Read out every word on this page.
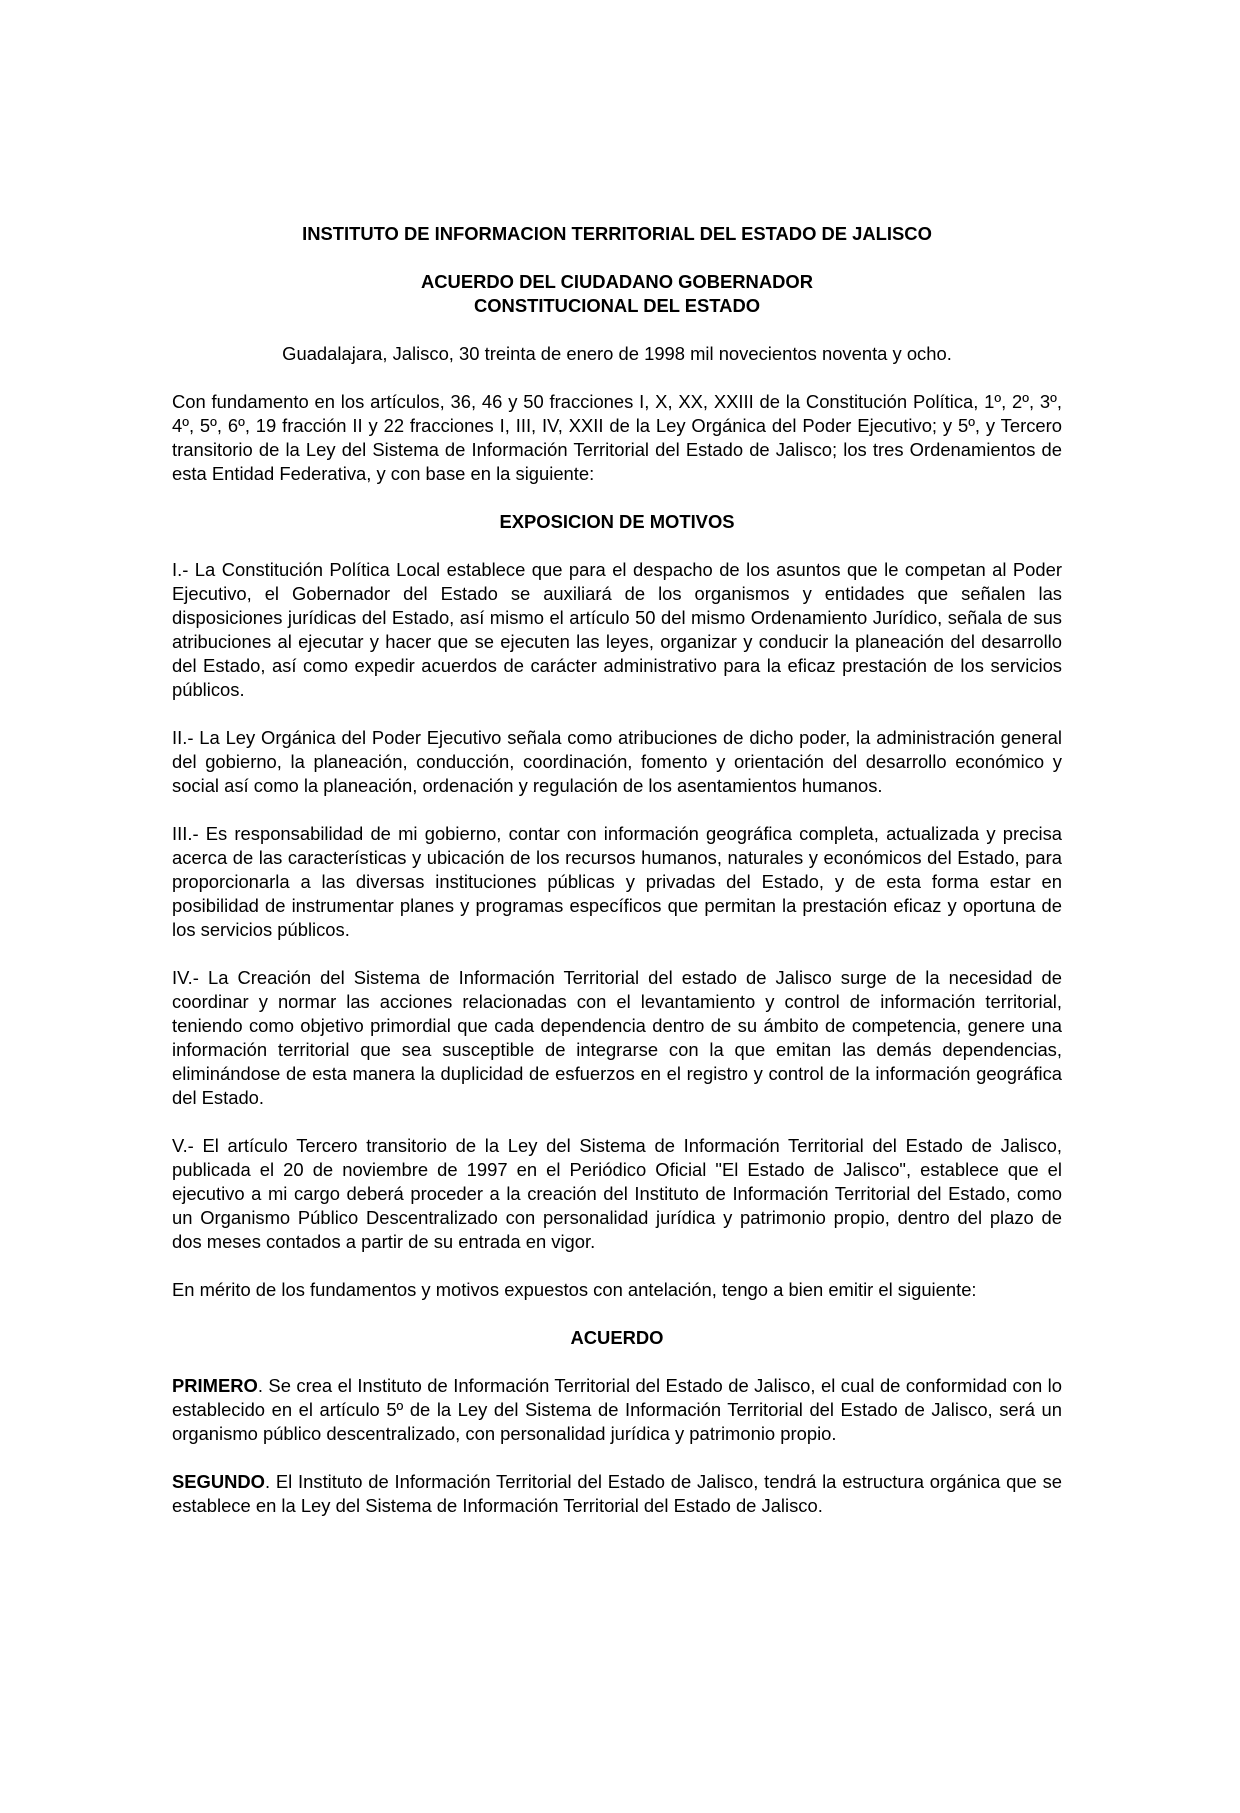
INSTITUTO DE INFORMACION TERRITORIAL DEL ESTADO DE JALISCO

ACUERDO DEL CIUDADANO GOBERNADOR

CONSTITUCIONAL DEL ESTADO

Guadalajara, Jalisco, 30 treinta de enero de 1998 mil novecientos noventa y ocho.

Con fundamento en los artículos, 36, 46 y 50 fracciones I, X, XX, XXIII de la Constitución Política, 1º, 2º, 3º, 4º, 5º, 6º, 19 fracción II y 22 fracciones I, III, IV, XXII de la Ley Orgánica del Poder Ejecutivo; y 5º, y Tercero transitorio de la Ley del Sistema de Información Territorial del Estado de Jalisco; los tres Ordenamientos de esta Entidad Federativa, y con base en la siguiente:

EXPOSICION DE MOTIVOS

I.- La Constitución Política Local establece que para el despacho de los asuntos que le competan al Poder Ejecutivo, el Gobernador del Estado se auxiliará de los organismos y entidades que señalen las disposiciones jurídicas del Estado, así mismo el artículo 50 del mismo Ordenamiento Jurídico, señala de sus atribuciones al ejecutar y hacer que se ejecuten las leyes, organizar y conducir la planeación del desarrollo del Estado, así como expedir acuerdos de carácter administrativo para la eficaz prestación de los servicios públicos.

II.- La Ley Orgánica del Poder Ejecutivo señala como atribuciones de dicho poder, la administración general del gobierno, la planeación, conducción, coordinación, fomento y orientación del desarrollo económico y social así como la planeación, ordenación y regulación de los asentamientos humanos.

III.- Es responsabilidad de mi gobierno, contar con información geográfica completa, actualizada y precisa acerca de las características y ubicación de los recursos humanos, naturales y económicos del Estado, para proporcionarla a las diversas instituciones públicas y privadas del Estado, y de esta forma estar en posibilidad de instrumentar planes y programas específicos que permitan la prestación eficaz y oportuna de los servicios públicos.

IV.- La Creación del Sistema de Información Territorial del estado de Jalisco surge de la necesidad de coordinar y normar las acciones relacionadas con el levantamiento y control de información territorial, teniendo como objetivo primordial que cada dependencia dentro de su ámbito de competencia, genere una información territorial que sea susceptible de integrarse con la que emitan las demás dependencias, eliminándose de esta manera la duplicidad de esfuerzos en el registro y control de la información geográfica del Estado.

V.- El artículo Tercero transitorio de la Ley del Sistema de Información Territorial del Estado de Jalisco, publicada el 20 de noviembre de 1997 en el Periódico Oficial "El Estado de Jalisco", establece que el ejecutivo a mi cargo deberá proceder a la creación del Instituto de Información Territorial del Estado, como un Organismo Público Descentralizado con personalidad jurídica y patrimonio propio, dentro del plazo de dos meses contados a partir de su entrada en vigor.

En mérito de los fundamentos y motivos expuestos con antelación, tengo a bien emitir el siguiente:

ACUERDO

PRIMERO. Se crea el Instituto de Información Territorial del Estado de Jalisco, el cual de conformidad con lo establecido en el artículo 5º de la Ley del Sistema de Información Territorial del Estado de Jalisco, será un organismo público descentralizado, con personalidad jurídica y patrimonio propio.

SEGUNDO. El Instituto de Información Territorial del Estado de Jalisco, tendrá la estructura orgánica que se establece en la Ley del Sistema de Información Territorial del Estado de Jalisco.
